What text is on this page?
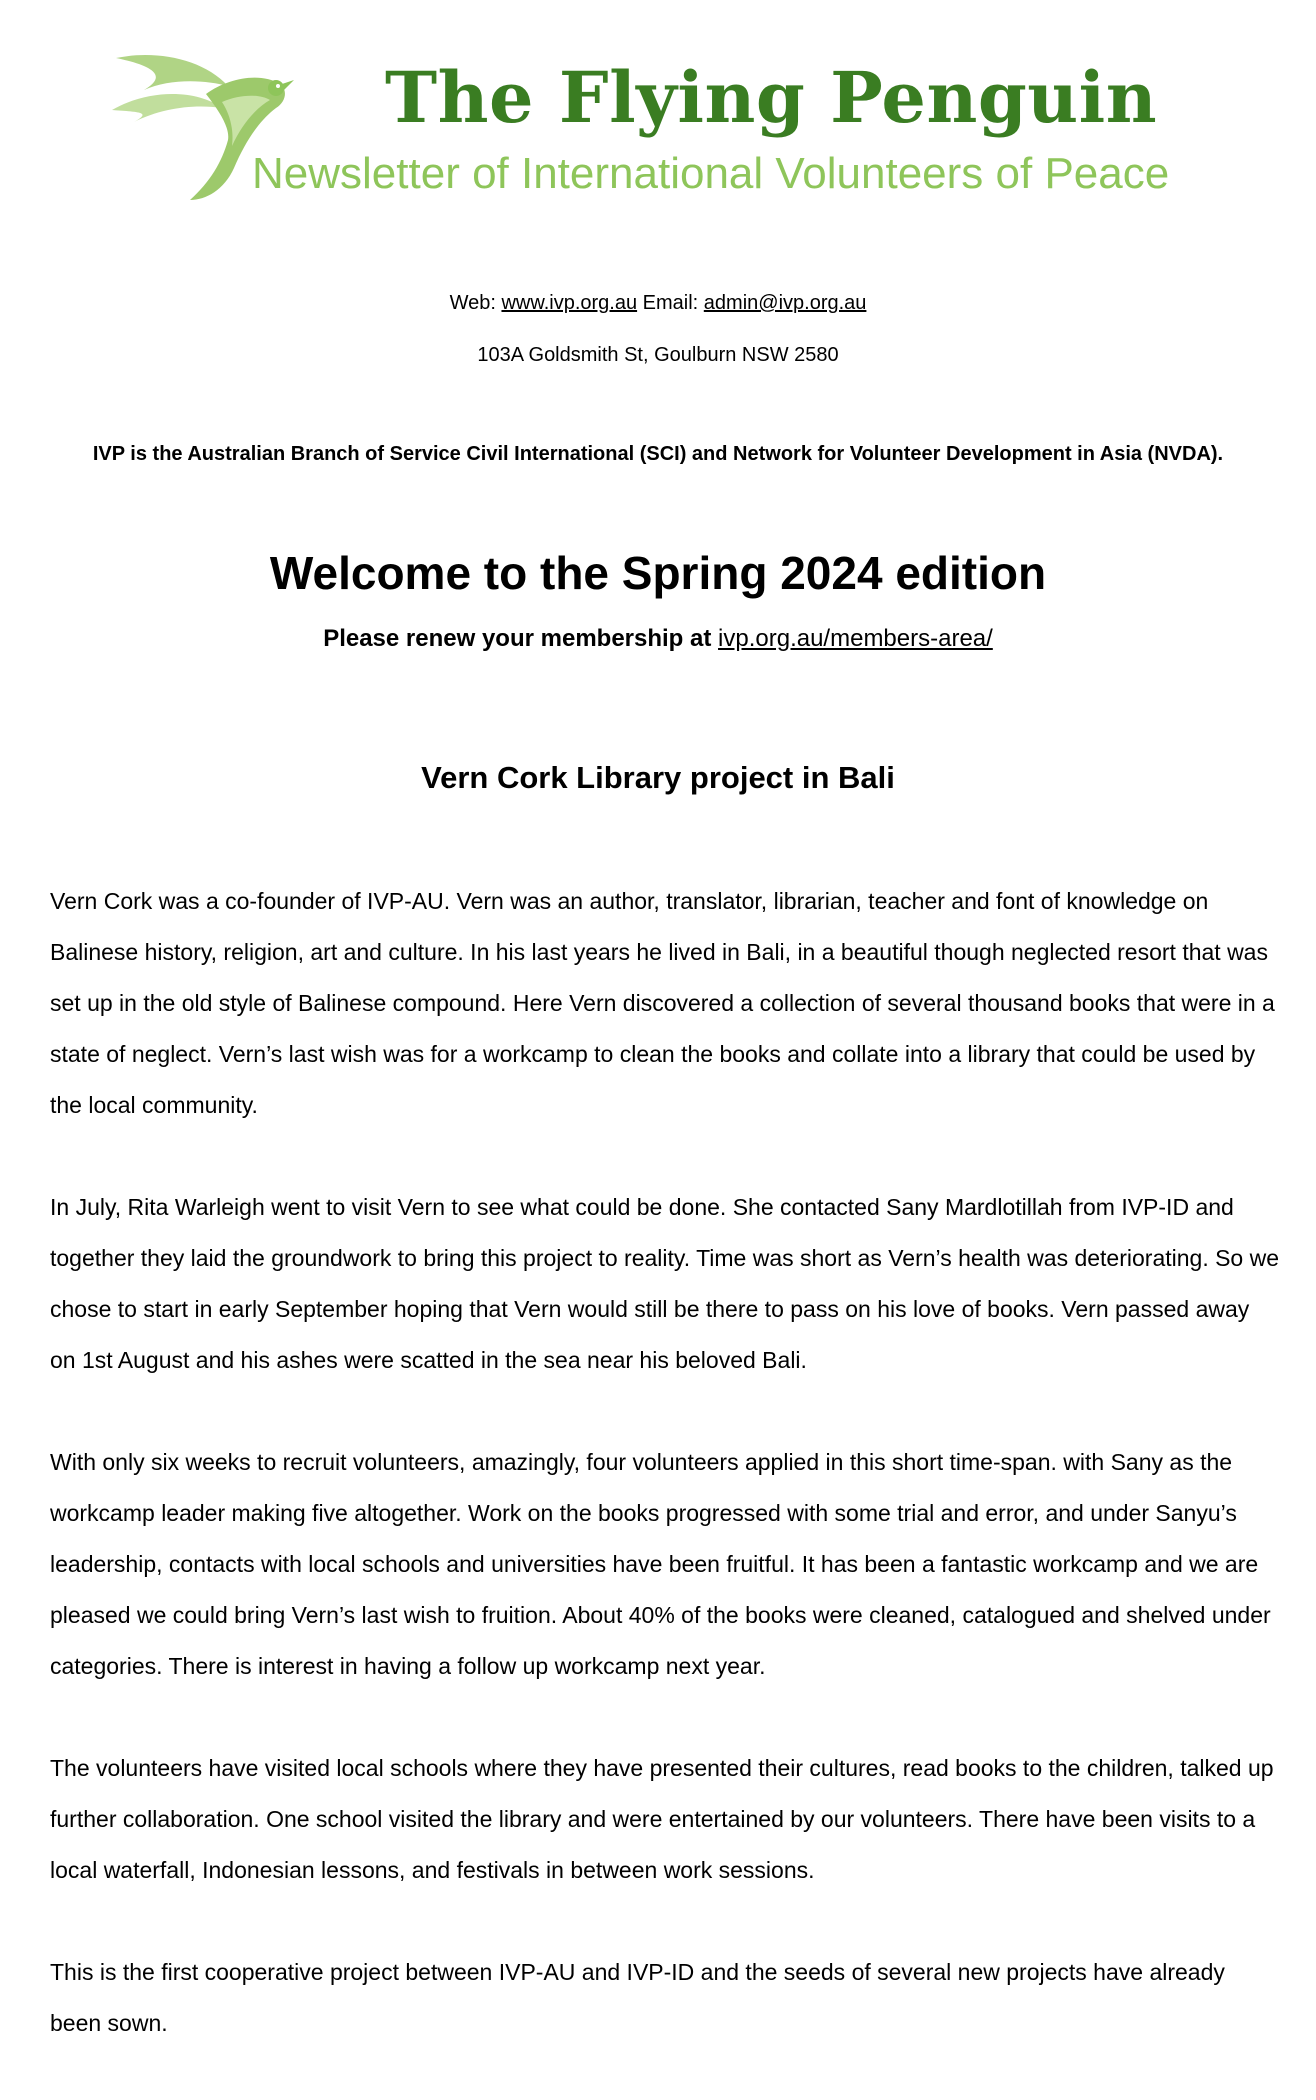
The Flying Penguin
Newsletter of International Volunteers of Peace
Web: www.ivp.org.au Email: admin@ivp.org.au
103A Goldsmith St, Goulburn NSW 2580
IVP is the Australian Branch of Service Civil International (SCI) and Network for Volunteer Development in Asia (NVDA).
Welcome to the Spring 2024 edition
Please renew your membership at ivp.org.au/members-area/
Vern Cork Library project in Bali

Vern Cork was a co-founder of IVP-AU. Vern was an author, translator, librarian, teacher and font of knowledge on Balinese history, religion, art and culture. In his last years he lived in Bali, in a beautiful though neglected resort that was set up in the old style of Balinese compound. Here Vern discovered a collection of several thousand books that were in a state of neglect. Vern’s last wish was for a workcamp to clean the books and collate into a library that could be used by the local community.

In July, Rita Warleigh went to visit Vern to see what could be done. She contacted Sany Mardlotillah from IVP-ID and together they laid the groundwork to bring this project to reality. Time was short as Vern’s health was deteriorating. So we chose to start in early September hoping that Vern would still be there to pass on his love of books. Vern passed away on 1st August and his ashes were scatted in the sea near his beloved Bali.

With only six weeks to recruit volunteers, amazingly, four volunteers applied in this short time-span. with Sany as the workcamp leader making five altogether. Work on the books progressed with some trial and error, and under Sanyu’s leadership, contacts with local schools and universities have been fruitful. It has been a fantastic workcamp and we are pleased we could bring Vern’s last wish to fruition. About 40% of the books were cleaned, catalogued and shelved under categories. There is interest in having a follow up workcamp next year.

The volunteers have visited local schools where they have presented their cultures, read books to the children, talked up further collaboration. One school visited the library and were entertained by our volunteers. There have been visits to a local waterfall, Indonesian lessons, and festivals in between work sessions.

This is the first cooperative project between IVP-AU and IVP-ID and the seeds of several new projects have already been sown.
